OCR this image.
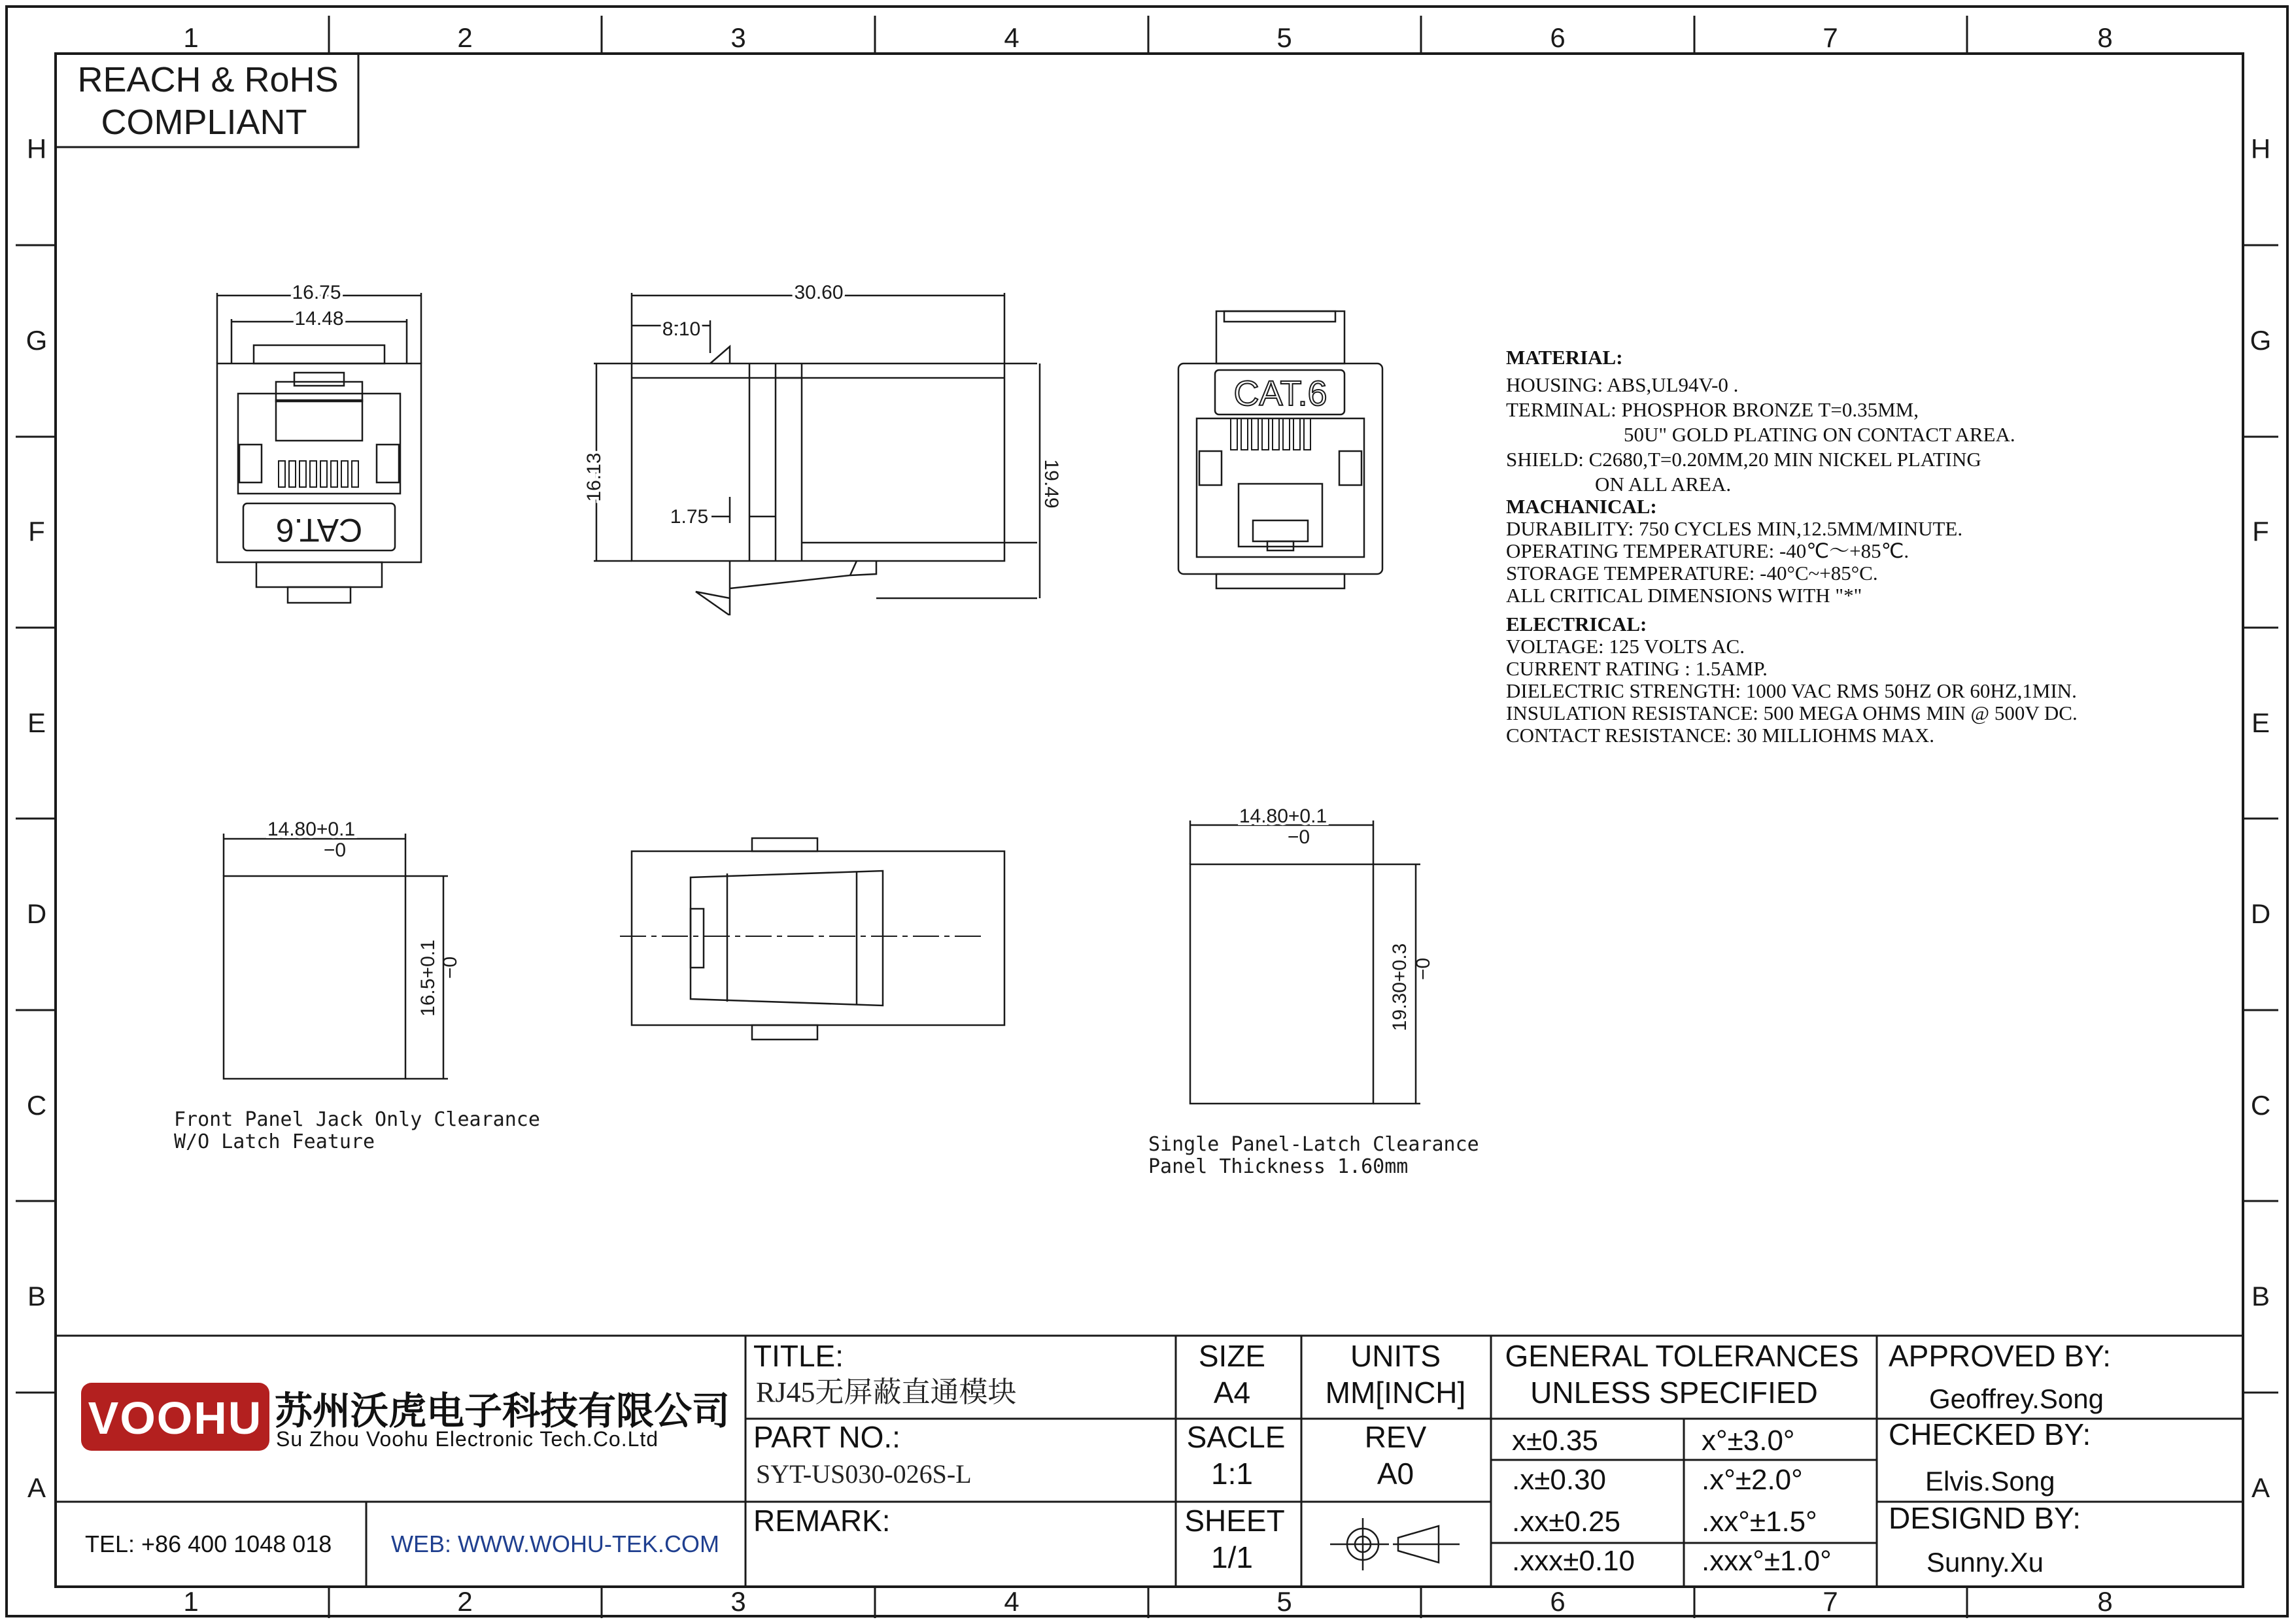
1	2	3	4	5	6	7	8
1	2	3	4	5	6	7	8
H
G
F
E
D
C
B
A
H
G
F
E
D
C
B
A
REACH & RoHS
COMPLIANT
CAT.6
16.75
14.48
30.60
8.10
16.13	19.49
1.75
CAT.6
14.80+0.1
−0
16.5+0.1 −0
Front Panel Jack Only Clearance
W/O Latch Feature
14.80+0.1
−0
19.30+0.3 −0
Single Panel-Latch Clearance
Panel Thickness 1.60mm
VOOHU 苏州沃虎电子科技有限公司
Su Zhou Voohu Electronic Tech.Co.Ltd
TEL: +86 400 1048 018	WEB: WWW.WOHU-TEK.COM
TITLE:
RJ45无屏蔽直通模块
PART NO.:
SYT-US030-026S-L
REMARK:
SIZE
A4
SACLE
1:1
SHEET
1/1
UNITS
MM[INCH]
REV
A0
GENERAL TOLERANCES
UNLESS SPECIFIED
x±0.35	x°±3.0°
.x±0.30	.x°±2.0°
.xx±0.25	.xx°±1.5°
.xxx±0.10 .xxx°±1.0°
APPROVED BY:
Geoffrey.Song
CHECKED BY:
Elvis.Song
DESIGND BY:
Sunny.Xu
MATERIAL:
HOUSING: ABS,UL94V-0 .
TERMINAL: PHOSPHOR BRONZE T=0.35MM,
50U" GOLD PLATING ON CONTACT AREA.
SHIELD: C2680,T=0.20MM,20 MIN NICKEL PLATING
ON ALL AREA.
MACHANICAL:
DURABILITY: 750 CYCLES MIN,12.5MM/MINUTE.
OPERATING TEMPERATURE: -40℃～+85℃.
STORAGE TEMPERATURE: -40°C~+85°C.
ALL CRITICAL DIMENSIONS WITH "*"
ELECTRICAL:
VOLTAGE: 125 VOLTS AC.
CURRENT RATING : 1.5AMP.
DIELECTRIC STRENGTH: 1000 VAC RMS 50HZ OR 60HZ,1MIN.
INSULATION RESISTANCE: 500 MEGA OHMS MIN @ 500V DC.
CONTACT RESISTANCE: 30 MILLIOHMS MAX.
